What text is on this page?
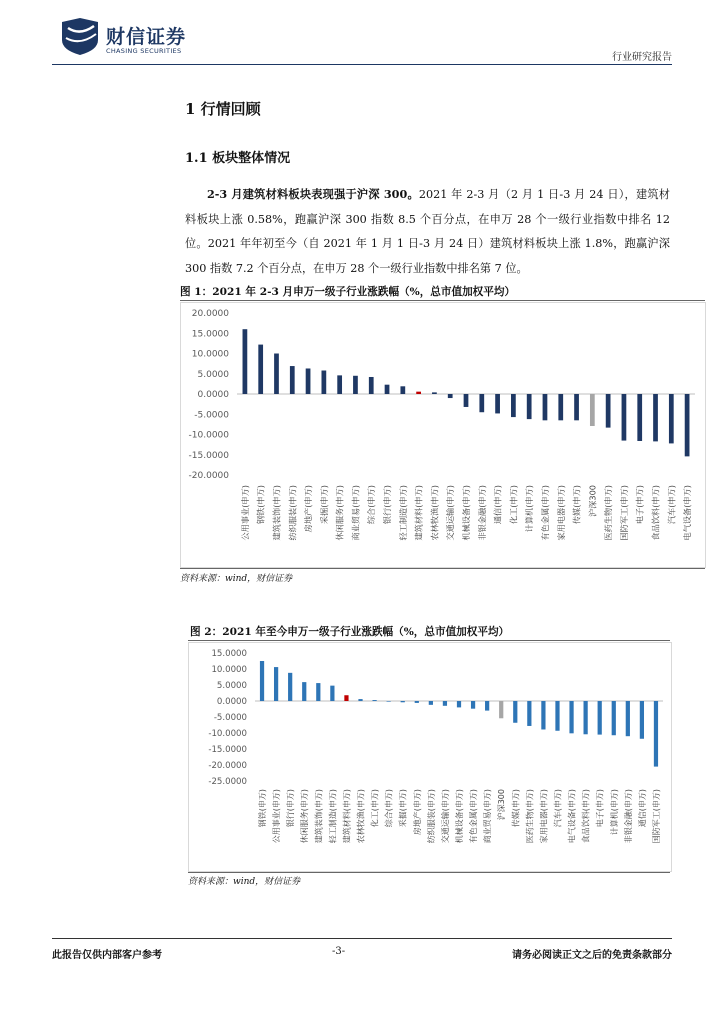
财信证券
CHASING SECURITIES
行业研究报告
1 行情回顾
1.1 板块整体情况
2-3 月建筑材料板块表现强于沪深 300。2021 年 2-3 月（2 月 1 日-3 月 24 日），建筑材料板块上涨 0.58%，跑赢沪深 300 指数 8.5 个百分点，在申万 28 个一级行业指数中排名 12 位。2021 年年初至今（自 2021 年 1 月 1 日-3 月 24 日）建筑材料板块上涨 1.8%，跑赢沪深 300 指数 7.2 个百分点，在申万 28 个一级行业指数中排名第 7 位。
图 1：2021 年 2-3 月申万一级子行业涨跌幅（%，总市值加权平均）
20.0000
15.0000
10.0000
5.0000
0.0000
-5.0000
-10.0000
-15.0000
-20.0000
公用事业(申万) 钢铁(申万) 建筑装饰(申万) 纺织服装(申万) 房地产(申万) 采掘(申万) 休闲服务(申万) 商业贸易(申万) 综合(申万) 银行(申万) 轻工制造(申万) 建筑材料(申万) 农林牧渔(申万) 交通运输(申万) 机械设备(申万) 非银金融(申万) 通信(申万) 化工(申万) 计算机(申万) 有色金属(申万) 家用电器(申万) 传媒(申万) 沪深300 医药生物(申万) 国防军工(申万) 电子(申万) 食品饮料(申万) 汽车(申万) 电气设备(申万)
资料来源：wind，财信证券
图 2：2021 年至今申万一级子行业涨跌幅（%，总市值加权平均）
15.0000
10.0000
5.0000
0.0000
-5.0000
-10.0000
-15.0000
-20.0000
-25.0000
钢铁(申万) 公用事业(申万) 银行(申万) 休闲服务(申万) 建筑装饰(申万) 轻工制造(申万) 建筑材料(申万) 农林牧渔(申万) 化工(申万) 综合(申万) 采掘(申万) 房地产(申万) 纺织服装(申万) 交通运输(申万) 机械设备(申万) 有色金属(申万) 商业贸易(申万) 沪深300 传媒(申万) 医药生物(申万) 家用电器(申万) 汽车(申万) 电气设备(申万) 食品饮料(申万) 电子(申万) 计算机(申万) 非银金融(申万) 通信(申万) 国防军工(申万)
资料来源：wind，财信证券
此报告仅供内部客户参考	-3-	请务必阅读正文之后的免责条款部分
